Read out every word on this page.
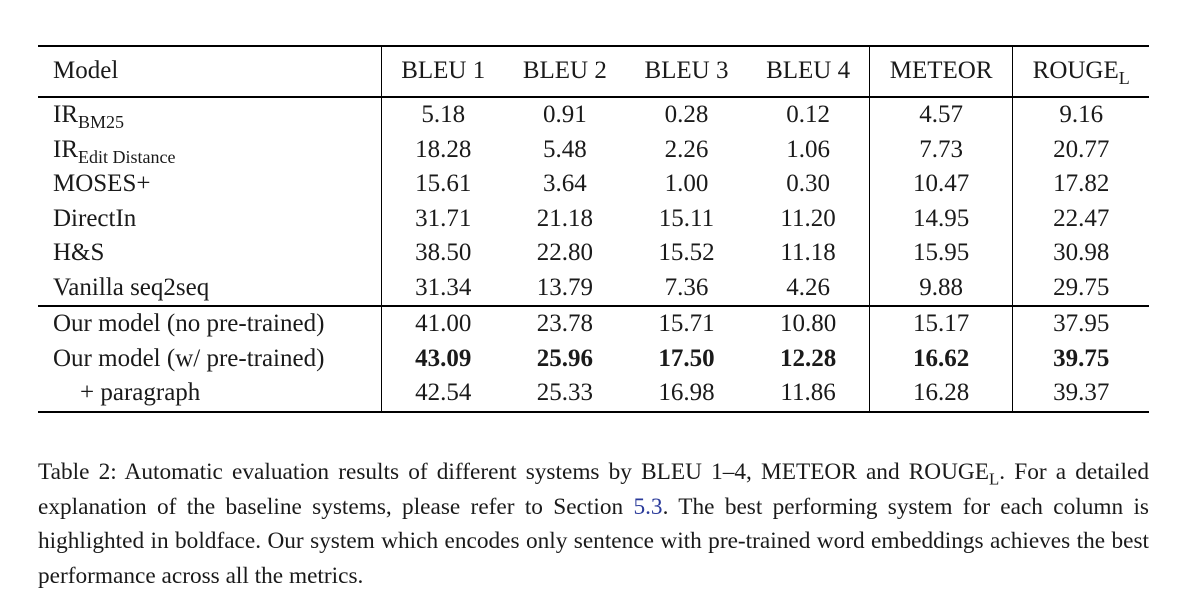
Model	BLEU 1	BLEU 2	BLEU 3	BLEU 4	METEOR	$ROUGE_L$
$IR_{BM25}$	5.18	0.91	0.28	0.12	4.57	9.16
$IR_{Edit Distance}$	18.28	5.48	2.26	1.06	7.73	20.77
MOSES+	15.61	3.64	1.00	0.30	10.47	17.82
DirectIn	31.71	21.18	15.11	11.20	14.95	22.47
H&S	38.50	22.80	15.52	11.18	15.95	30.98
Vanilla seq2seq	31.34	13.79	7.36	4.26	9.88	29.75
Our model (no pre-trained)	41.00	23.78	15.71	10.80	15.17	37.95
Our model (w/ pre-trained)	43.09	25.96	17.50	12.28	16.62	39.75
+ paragraph	42.54	25.33	16.98	11.86	16.28	39.37

Table 2: Automatic evaluation results of different systems by BLEU 1–4, METEOR and $ROUGE_L$. For a detailed explanation of the baseline systems, please refer to Section 5.3. The best performing system for each column is highlighted in boldface. Our system which encodes only sentence with pre-trained word embeddings achieves the best performance across all the metrics.
